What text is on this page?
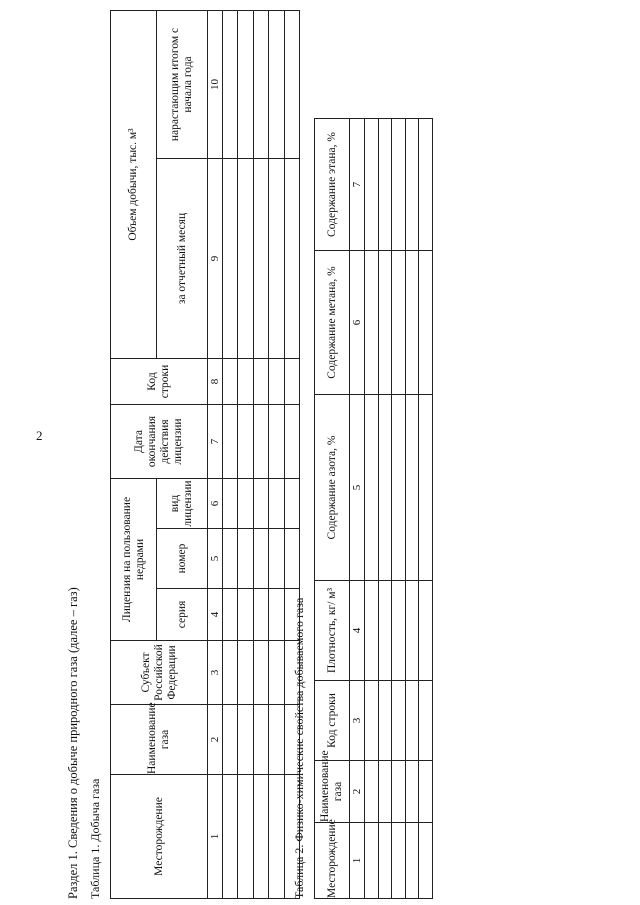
2
Раздел 1. Сведения о добыче природного газа (далее – газ) Таблица 1. Добыча газа	Месторождение	Наименование газа	Субъект Российской Федерации	Лицензия на пользование недрами			Дата окончания действия лицензии	Код строки	Объем добычи, тыс. м³	
			серия	номер	вид лицензии			за отчетный месяц	нарастающим итогом с начала года
1	2	3	4	5	6	7	8	9	10

Таблица 2. Физико-химические свойства добываемого газа Месторождение	Наименование газа	Код строки	Плотность, кг/ м³	Содержание азота, %	Содержание метана, %	Содержание этана, %
1	2	3	4	5	6	7
